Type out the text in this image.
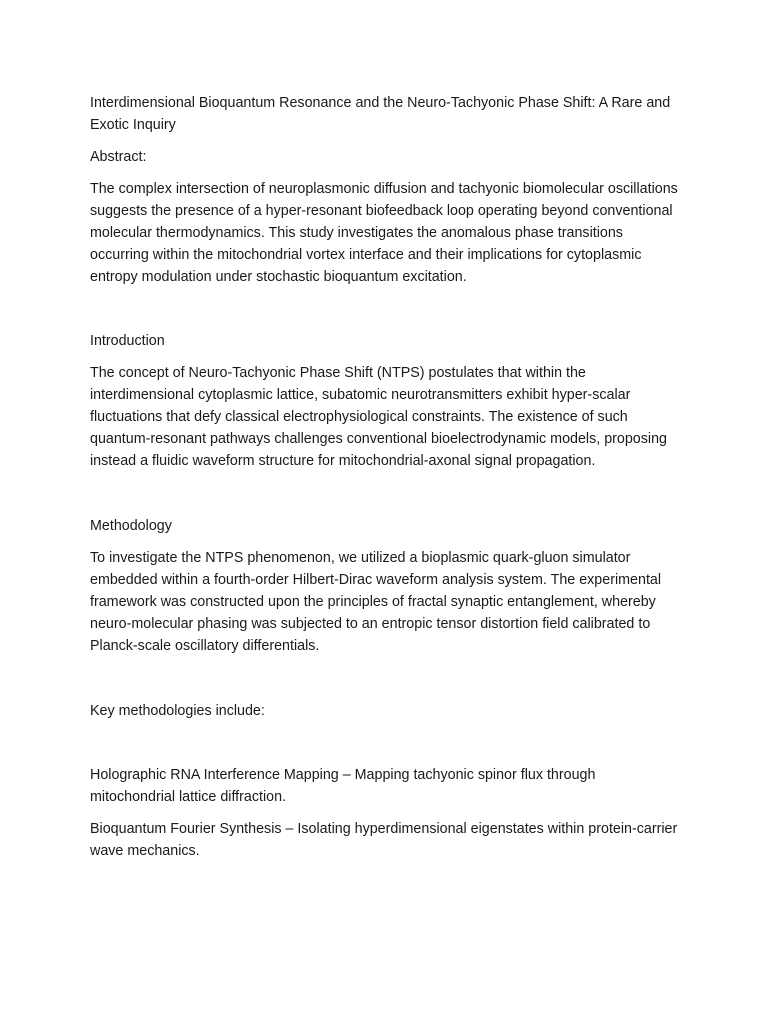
Interdimensional Bioquantum Resonance and the Neuro-Tachyonic Phase Shift: A Rare and Exotic Inquiry

Abstract:

The complex intersection of neuroplasmonic diffusion and tachyonic biomolecular oscillations suggests the presence of a hyper-resonant biofeedback loop operating beyond conventional molecular thermodynamics. This study investigates the anomalous phase transitions occurring within the mitochondrial vortex interface and their implications for cytoplasmic entropy modulation under stochastic bioquantum excitation.

Introduction

The concept of Neuro-Tachyonic Phase Shift (NTPS) postulates that within the interdimensional cytoplasmic lattice, subatomic neurotransmitters exhibit hyper-scalar fluctuations that defy classical electrophysiological constraints. The existence of such quantum-resonant pathways challenges conventional bioelectrodynamic models, proposing instead a fluidic waveform structure for mitochondrial-axonal signal propagation.

Methodology

To investigate the NTPS phenomenon, we utilized a bioplasmic quark-gluon simulator embedded within a fourth-order Hilbert-Dirac waveform analysis system. The experimental framework was constructed upon the principles of fractal synaptic entanglement, whereby neuro-molecular phasing was subjected to an entropic tensor distortion field calibrated to Planck-scale oscillatory differentials.

Key methodologies include:

Holographic RNA Interference Mapping – Mapping tachyonic spinor flux through mitochondrial lattice diffraction.

Bioquantum Fourier Synthesis – Isolating hyperdimensional eigenstates within protein-carrier wave mechanics.
